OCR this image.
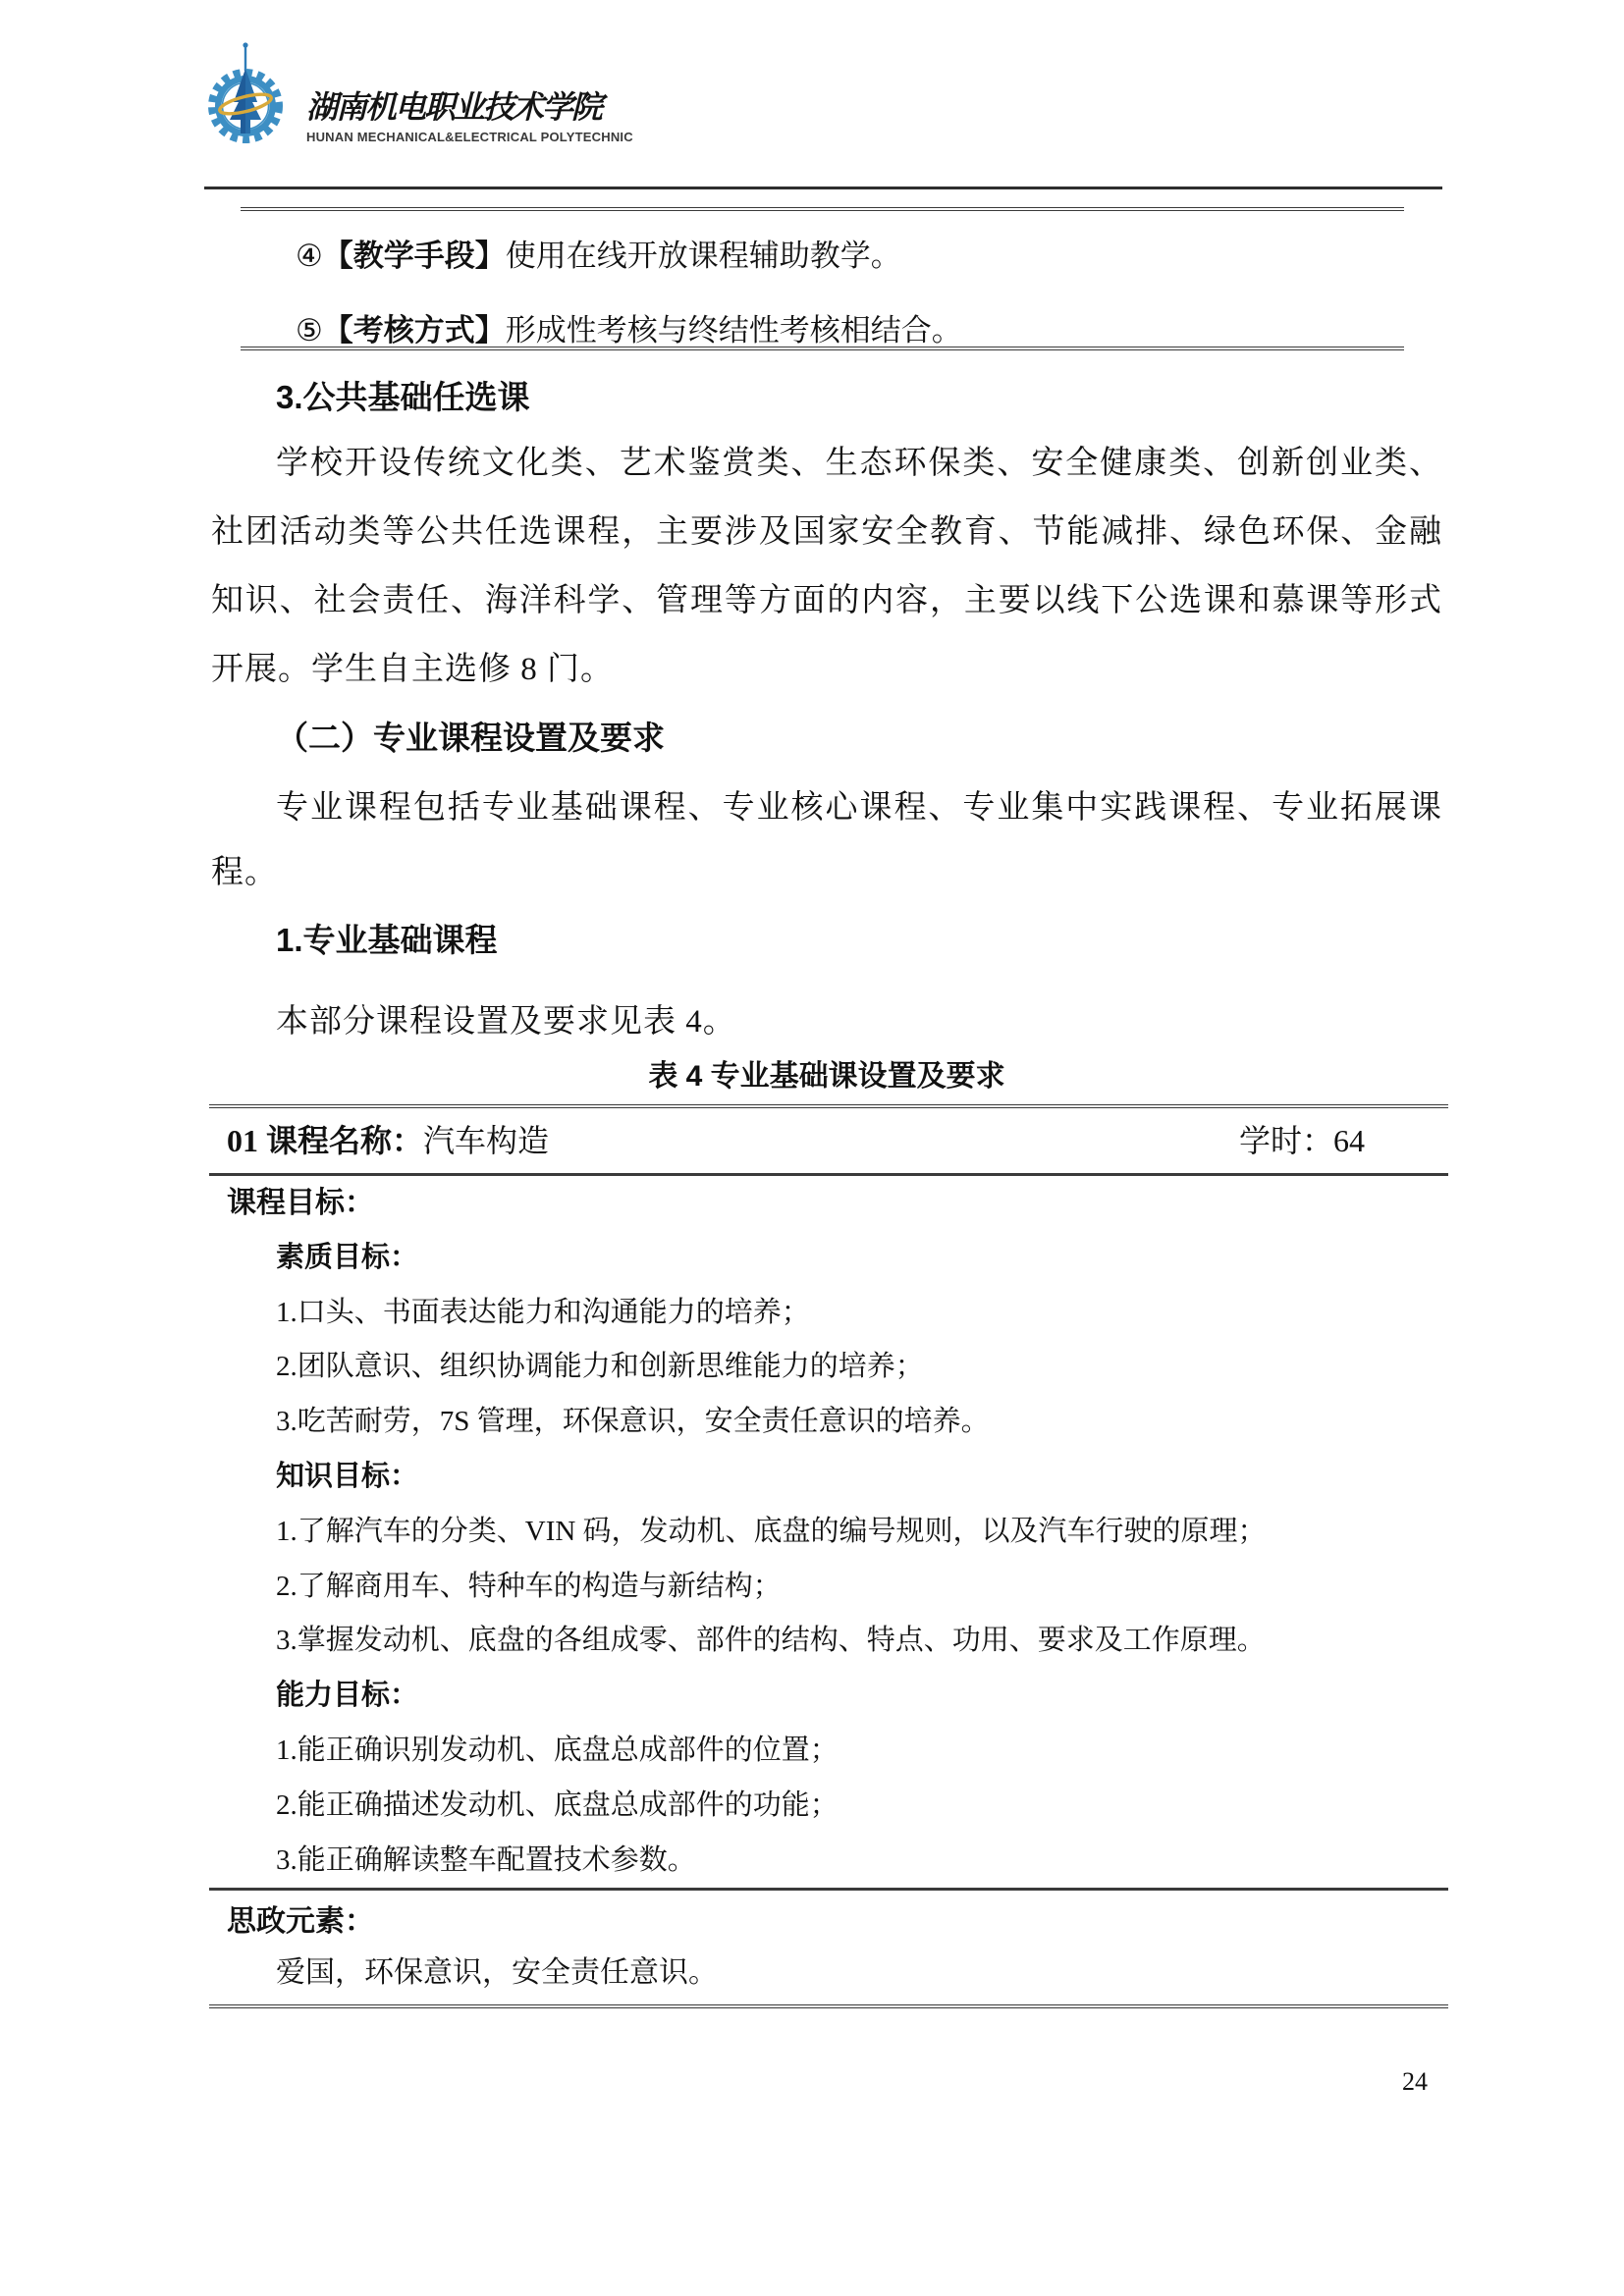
湖南机电职业技术学院
HUNAN MECHANICAL&ELECTRICAL POLYTECHNIC
④【教学手段】使用在线开放课程辅助教学。
⑤【考核方式】形成性考核与终结性考核相结合。
3.公共基础任选课
学校开设传统文化类、艺术鉴赏类、生态环保类、安全健康类、创新创业类、社团活动类等公共任选课程，主要涉及国家安全教育、节能减排、绿色环保、金融知识、社会责任、海洋科学、管理等方面的内容，主要以线下公选课和慕课等形式开展。学生自主选修 8 门。
（二）专业课程设置及要求
专业课程包括专业基础课程、专业核心课程、专业集中实践课程、专业拓展课程。
1.专业基础课程
本部分课程设置及要求见表 4。
表 4 专业基础课设置及要求
01 课程名称：汽车构造	学时：64
课程目标：
素质目标：
1.口头、书面表达能力和沟通能力的培养；
2.团队意识、组织协调能力和创新思维能力的培养；
3.吃苦耐劳，7S 管理，环保意识，安全责任意识的培养。
知识目标：
1.了解汽车的分类、VIN 码，发动机、底盘的编号规则，以及汽车行驶的原理；
2.了解商用车、特种车的构造与新结构；
3.掌握发动机、底盘的各组成零、部件的结构、特点、功用、要求及工作原理。
能力目标：
1.能正确识别发动机、底盘总成部件的位置；
2.能正确描述发动机、底盘总成部件的功能；
3.能正确解读整车配置技术参数。
思政元素：
爱国，环保意识，安全责任意识。
24
